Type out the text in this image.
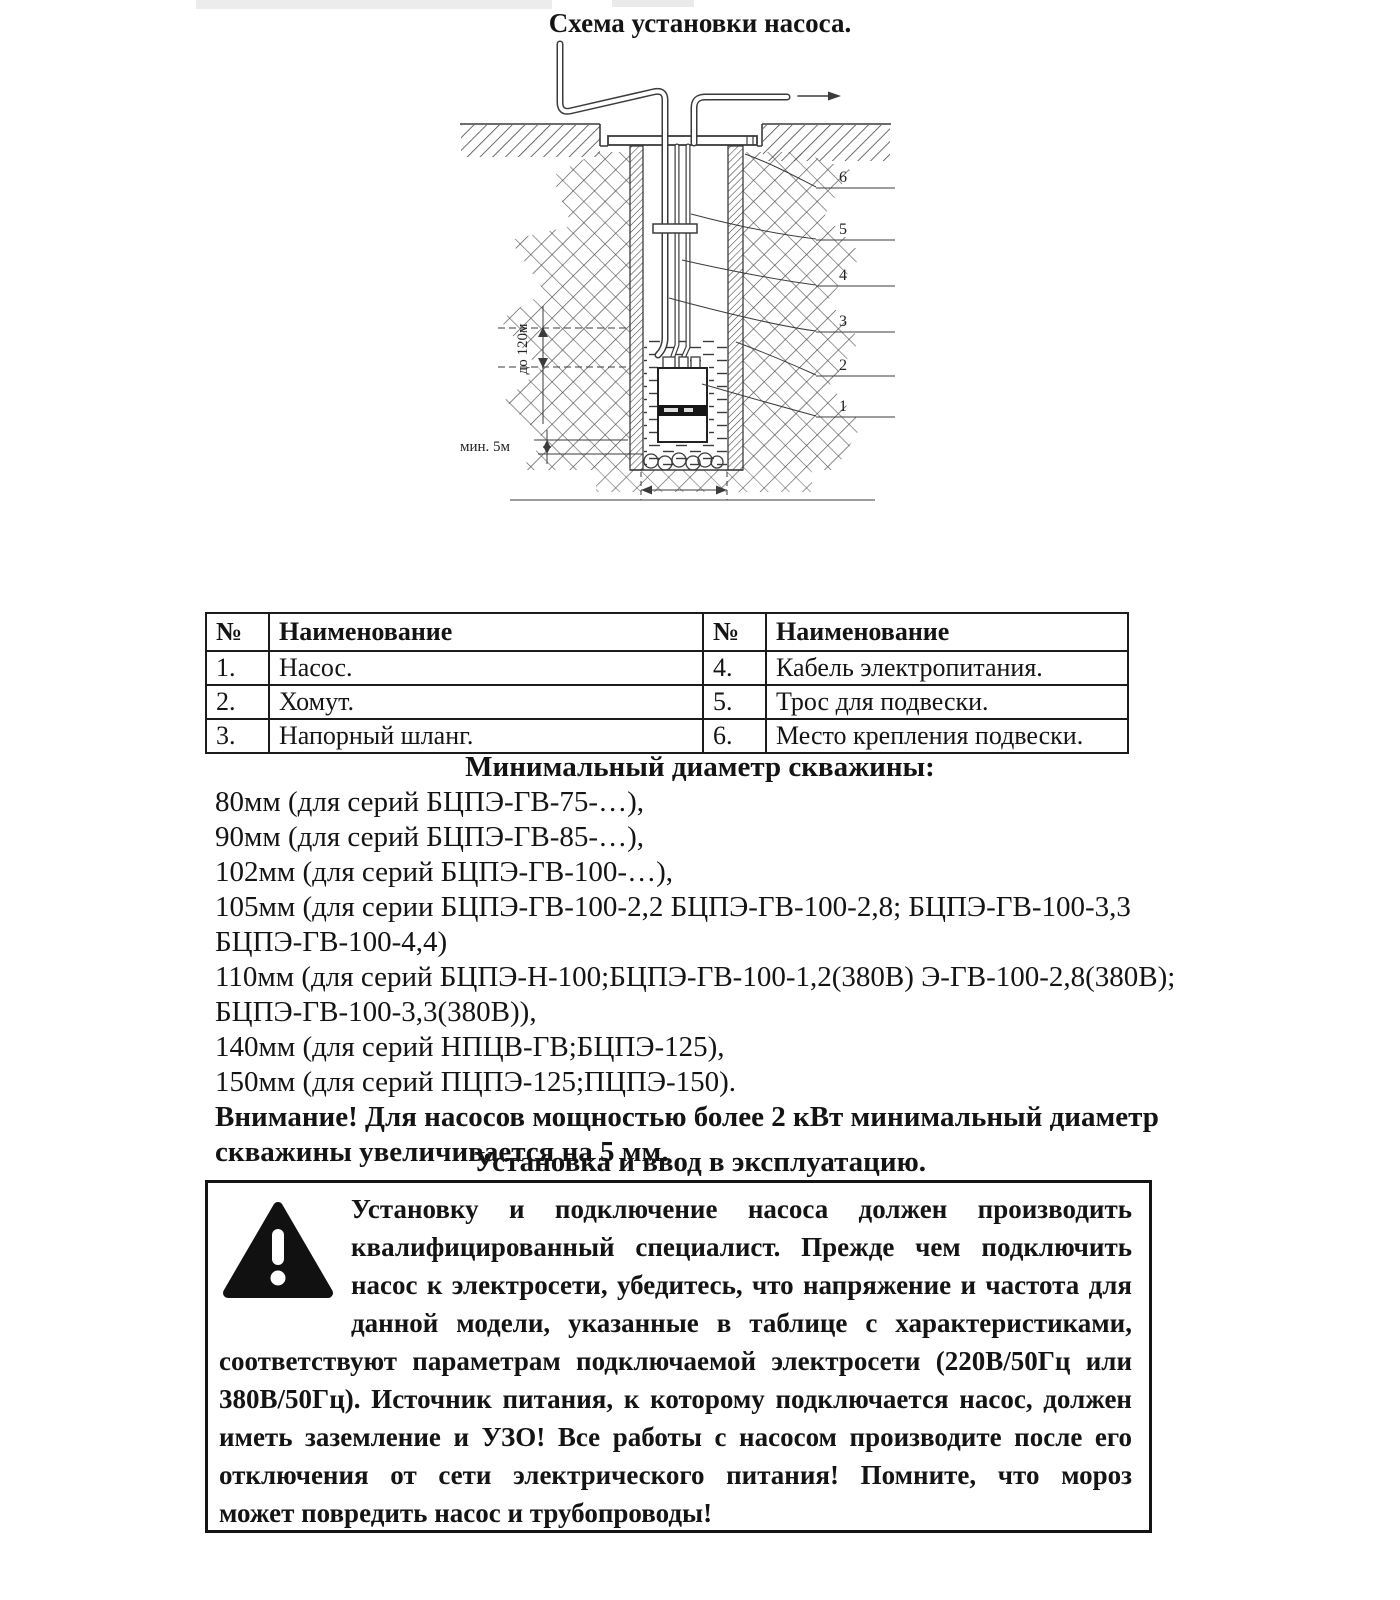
Схема установки насоса.
до 120м
мин. 5м
6
5
4
3
2
1
№	Наименование	№	Наименование
1.	Насос.	4.	Кабель электропитания.
2.	Хомут.	5.	Трос для подвески.
3.	Напорный шланг.	6.	Место крепления подвески.
Минимальный диаметр скважины:
80мм (для серий БЦПЭ-ГВ-75-…),
90мм (для серий БЦПЭ-ГВ-85-…),
102мм (для серий БЦПЭ-ГВ-100-…),
105мм (для серии БЦПЭ-ГВ-100-2,2 БЦПЭ-ГВ-100-2,8; БЦПЭ-ГВ-100-3,3
БЦПЭ-ГВ-100-4,4)
110мм (для серий БЦПЭ-Н-100;БЦПЭ-ГВ-100-1,2(380В) Э-ГВ-100-2,8(380В);
БЦПЭ-ГВ-100-3,3(380В)),
140мм (для серий НПЦВ-ГВ;БЦПЭ-125),
150мм (для серий ПЦПЭ-125;ПЦПЭ-150).
Внимание! Для насосов мощностью более 2 кВт минимальный диаметр
скважины увеличивается на 5 мм.
Установка и ввод в эксплуатацию.
Установку и подключение насоса должен производить
квалифицированный специалист. Прежде чем подключить
насос к электросети, убедитесь, что напряжение и частота для
данной модели, указанные в таблице с характеристиками,
соответствуют параметрам подключаемой электросети (220В/50Гц или
380В/50Гц). Источник питания, к которому подключается насос, должен
иметь заземление и УЗО! Все работы с насосом производите после его
отключения от сети электрического питания! Помните, что мороз
может повредить насос и трубопроводы!
